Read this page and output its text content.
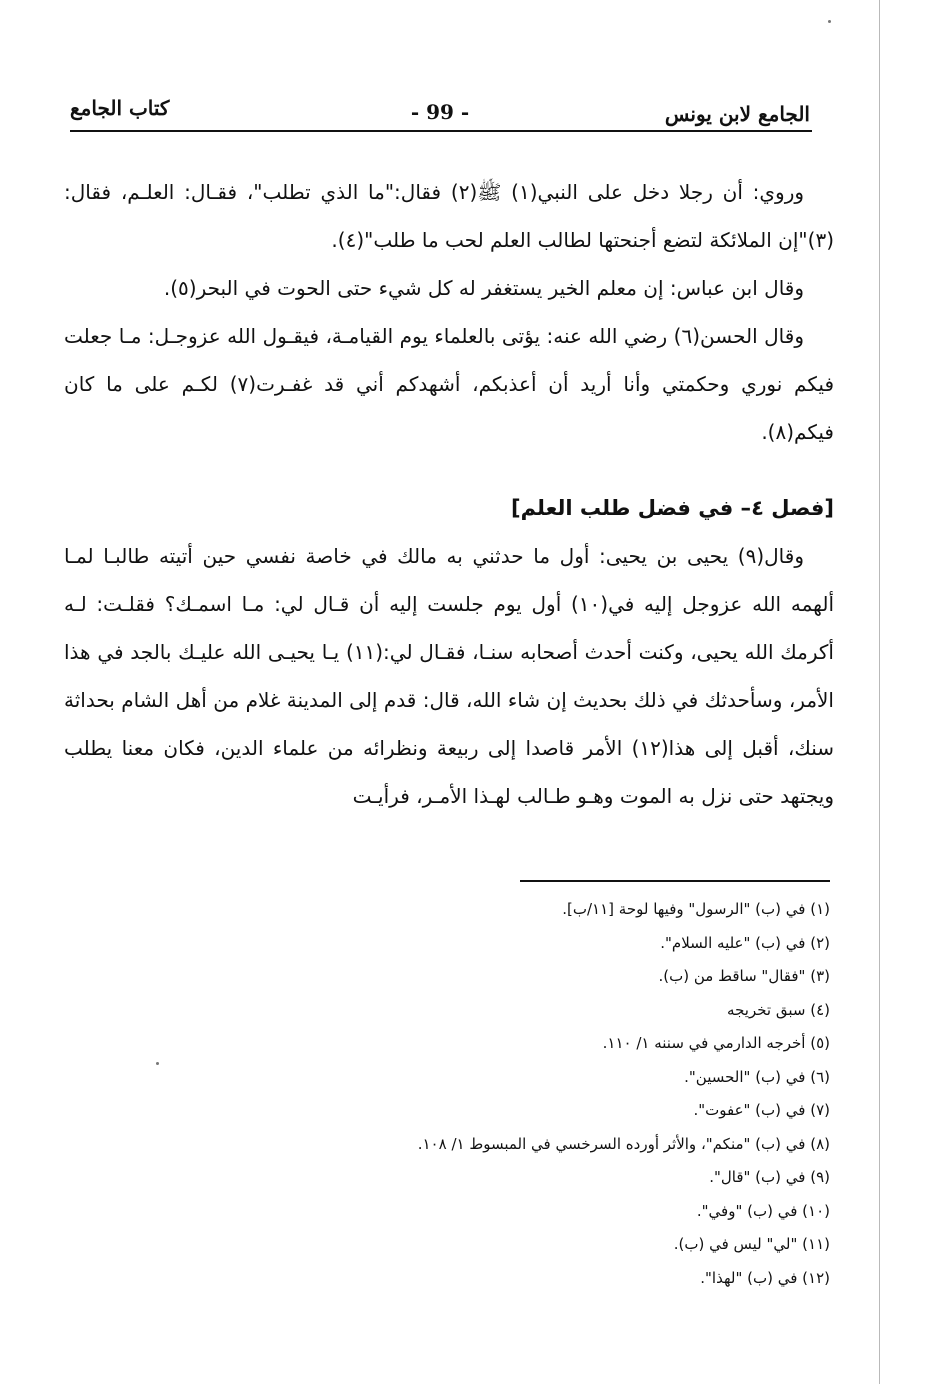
الجامع لابن يونس
- 99 -
كتاب الجامع

وروي: أن رجلا دخل على النبي(١) ﷺ(٢) فقال:"ما الذي تطلب"، فقـال: العلـم، فقال:(٣)"إن الملائكة لتضع أجنحتها لطالب العلم لحب ما طلب"(٤).

وقال ابن عباس: إن معلم الخير يستغفر له كل شيء حتى الحوت في البحر(٥).

وقال الحسن(٦) رضي الله عنه: يؤتى بالعلماء يوم القيامـة، فيقـول الله عزوجـل: مـا جعلت فيكم نوري وحكمتي وأنا أريد أن أعذبكم، أشهدكم أني قد غفـرت(٧) لكـم على ما كان فيكم(٨).

[فصل ٤– في فضل طلب العلم]

وقال(٩) يحيى بن يحيى: أول ما حدثني به مالك في خاصة نفسي حين أتيته طالبـا لمـا ألهمه الله عزوجل إليه في(١٠) أول يوم جلست إليه أن قـال لي: مـا اسمـك؟ فقلـت: لـه أكرمك الله يحيى، وكنت أحدث أصحابه سنـا، فقـال لي:(١١) يـا يحيـى الله عليـك بالجد في هذا الأمر، وسأحدثك في ذلك بحديث إن شاء الله، قال: قدم إلى المدينة غلام من أهل الشام بحداثة سنك، أقبل إلى هذا(١٢) الأمر قاصدا إلى ربيعة ونظرائه من علماء الدين، فكان معنا يطلب ويجتهد حتى نزل به الموت وهـو طـالب لهـذا الأمـر، فرأيـت

(١) في (ب) "الرسول" وفيها لوحة [١١/ب].
(٢) في (ب) "عليه السلام".
(٣) "فقال" ساقط من (ب).
(٤) سبق تخريجه
(٥) أخرجه الدارمي في سننه ١/ ١١٠.
(٦) في (ب) "الحسين".
(٧) في (ب) "عفوت".
(٨) في (ب) "منكم"، والأثر أورده السرخسي في المبسوط ١/ ١٠٨.
(٩) في (ب) "قال".
(١٠) في (ب) "وفي".
(١١) "لي" ليس في (ب).
(١٢) في (ب) "لهذا".
